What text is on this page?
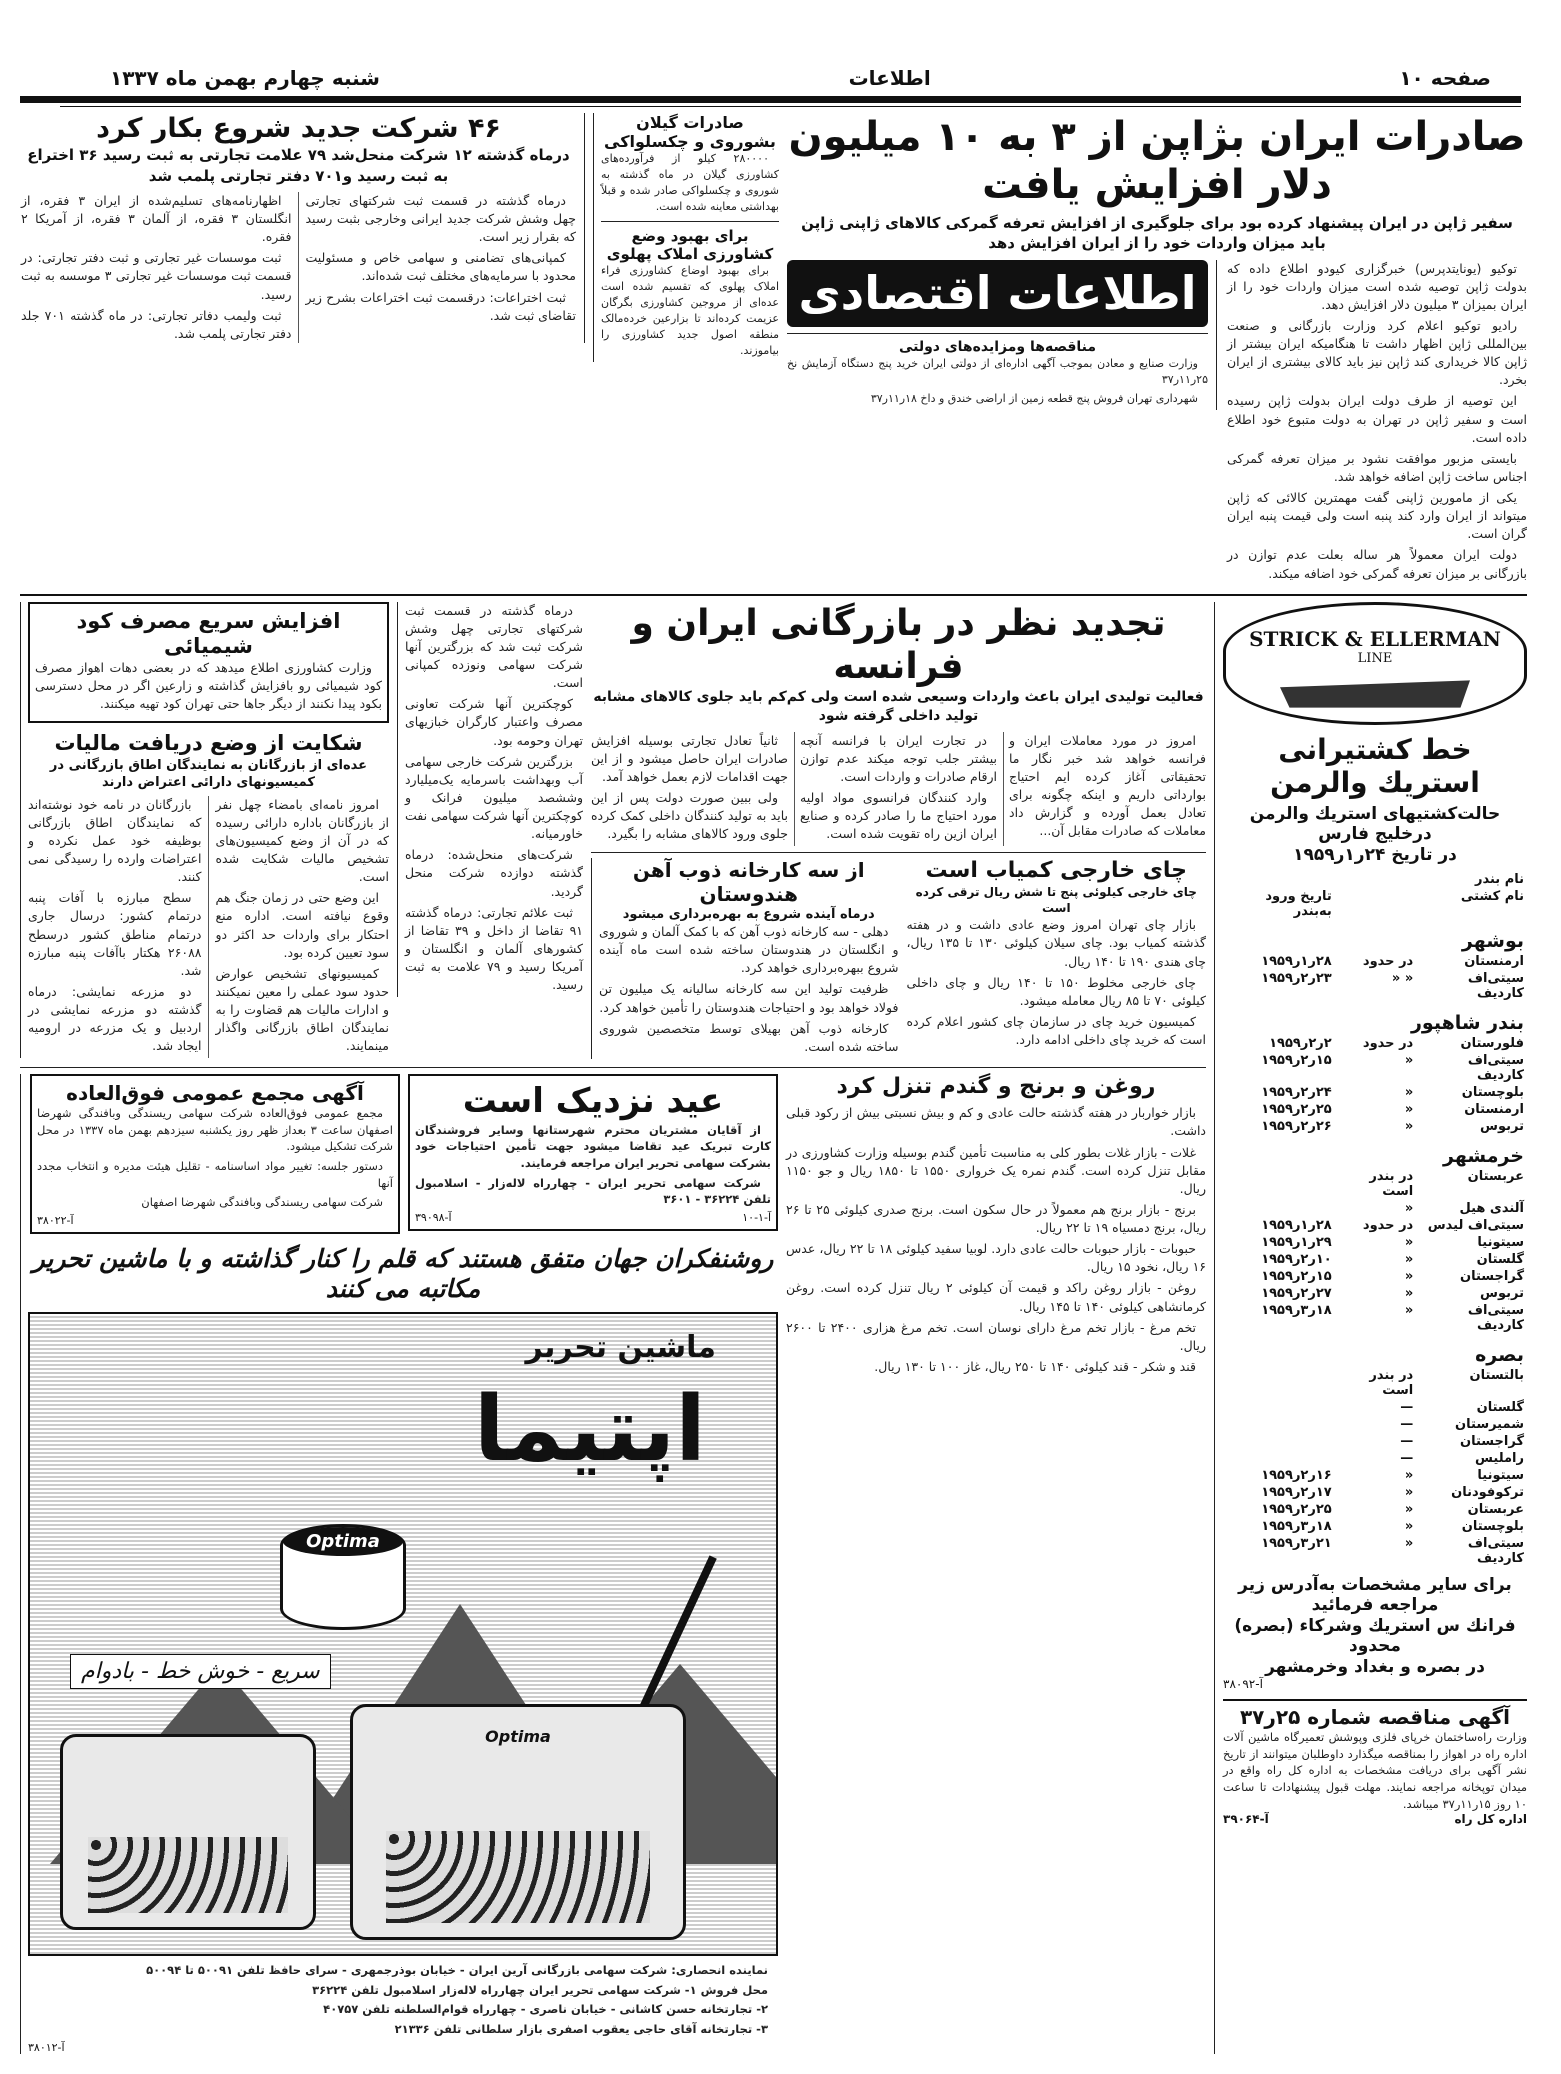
صفحه ۱۰
اطلاعات
شنبه چهارم بهمن ماه ۱۳۳۷
صادرات ایران بژاپن از ۳ به ۱۰ میلیون دلار افزایش یافت
سفیر ژاپن در ایران پیشنهاد کرده بود برای جلوگیری از افزایش تعرفه گمرکی کالاهای ژاپنی ژاپن باید میزان واردات خود را از ایران افزایش دهد

توکیو (یونایتدپرس) خبرگزاری کیودو اطلاع داده که بدولت ژاپن توصیه شده است میزان واردات خود را از ایران بمیزان ۳ میلیون دلار افزایش دهد.

رادیو توکیو اعلام کرد وزارت بازرگانی و صنعت بین‌المللی ژاپن اظهار داشت تا هنگامیکه ایران بیشتر از ژاپن کالا خریداری کند ژاپن نیز باید کالای بیشتری از ایران بخرد.

این توصیه از طرف دولت ایران بدولت ژاپن رسیده است و سفیر ژاپن در تهران به دولت متبوع خود اطلاع داده است.

بایستی مزبور موافقت نشود بر میزان تعرفه گمرکی اجناس ساخت ژاپن اضافه خواهد شد.

یکی از مامورین ژاپنی گفت مهمترین کالائی که ژاپن میتواند از ایران وارد کند پنبه است ولی قیمت پنبه ایران گران است.

دولت ایران معمولاً هر ساله بعلت عدم توازن در بازرگانی بر میزان تعرفه گمرکی خود اضافه میکند.

اطلاعات اقتصادی
مناقصه‌ها ومزایده‌های دولتی

وزارت صنایع و معادن بموجب آگهی اداره‌ای از دولتی ایران خرید پنج دستگاه آزمایش نخ ۲۵ر۱۱ر۳۷

شهرداری تهران فروش پنج قطعه زمین از اراضی خندق و داخ ۱۸ر۱۱ر۳۷

صادرات گیلان بشوروی و چکسلواکی

۲۸۰۰۰۰ کیلو از فرآورده‌های کشاورزی گیلان در ماه گذشته به شوروی و چکسلواکی صادر شده و قبلاً بهداشتی معاینه شده است.

برای بهبود وضع کشاورزی املاک پهلوی

برای بهبود اوضاع کشاورزی فراء املاک پهلوی که تقسیم شده است عده‌ای از مروجین کشاورزی بگرگان عزیمت کرده‌اند تا بزارعین خرده‌مالک منطقه اصول جدید کشاورزی را بیاموزند.

۴۶ شرکت جدید شروع بکار کرد
درماه گذشته ۱۲ شرکت منحل‌شد ۷۹ علامت تجارتی به ثبت رسید ۳۶ اختراع به ثبت رسید و۷۰۱ دفتر تجارتی پلمب شد

درماه گذشته در قسمت ثبت شرکتهای تجارتی چهل وشش شرکت جدید ایرانی وخارجی بثبت رسید که بقرار زیر است.

کمپانی‌های تضامنی و سهامی خاص و مسئولیت محدود با سرمایه‌های مختلف ثبت شده‌اند.

ثبت اختراعات: درقسمت ثبت اختراعات بشرح زیر تقاضای ثبت شد.

اظهارنامه‌های تسلیم‌شده از ایران ۳ فقره، از انگلستان ۳ فقره، از آلمان ۳ فقره، از آمریکا ۲ فقره.

ثبت موسسات غیر تجارتی و ثبت دفتر تجارتی: در قسمت ثبت موسسات غیر تجارتی ۳ موسسه به ثبت رسید.

ثبت ولیمب دفاتر تجارتی: در ماه گذشته ۷۰۱ جلد دفتر تجارتی پلمب شد.

STRICK & ELLERMAN
LINE
خط کشتیرانی استریك والرمن
حالت‌کشتیهای استریك والرمن درخلیج فارس
در تاریخ ۲۴ر۱ر۱۹۵۹
نام بندر		
نام کشتی		تاریخ ورود به‌بندر
بوشهر		
ارمنستان	در حدود	۲۸ر۱ر۱۹۵۹
سیتی‌اف کاردیف	« «	۲۳ر۲ر۱۹۵۹
بندر شاهپور		
فلورستان	در حدود	۲ر۲ر۱۹۵۹
سیتی‌اف کاردیف	«	۱۵ر۲ر۱۹۵۹
بلوچستان	«	۲۴ر۲ر۱۹۵۹
ارمنستان	«	۲۵ر۲ر۱۹۵۹
تربوس	«	۲۶ر۲ر۱۹۵۹
خرمشهر		
عربستان	در بندر است	
آلندی هیل	«	
سیتی‌اف لیدس	در حدود	۲۸ر۱ر۱۹۵۹
سیتونیا	«	۲۹ر۱ر۱۹۵۹
گلستان	«	۱۰ر۲ر۱۹۵۹
گراجستان	«	۱۵ر۲ر۱۹۵۹
تربوس	«	۲۷ر۲ر۱۹۵۹
سیتی‌اف کاردیف	«	۱۸ر۳ر۱۹۵۹
بصره		
بالتستان	در بندر است	
گلستان	—	
شمیرستان	—	
گراجستان	—	
راملیس	—	
سیتونیا	«	۱۶ر۲ر۱۹۵۹
ترکوفودنان	«	۱۷ر۲ر۱۹۵۹
عربستان	«	۲۵ر۲ر۱۹۵۹
بلوچستان	«	۱۸ر۳ر۱۹۵۹
سیتی‌اف کاردیف	«	۲۱ر۳ر۱۹۵۹
برای سایر مشخصات به‌آدرس زیر مراجعه فرمائید
فرانك س استریك وشرکاء (بصره) محدود
در بصره و بغداد وخرمشهر
آ-۳۸۰۹۲
آگهی مناقصه شماره ۲۵ر۳۷
وزارت راه‌ساختمان خرپای فلزی وپوشش تعمیرگاه ماشین آلات اداره راه در اهواز را بمناقصه میگذارد داوطلبان میتوانند از تاریخ نشر آگهی برای دریافت مشخصات به اداره کل راه واقع در میدان توپخانه مراجعه نمایند. مهلت قبول پیشنهادات تا ساعت ۱۰ روز ۱۵ر۱۱ر۳۷ میباشد.
اداره کل راه
آ-۳۹۰۶۴
تجدید نظر در بازرگانی ایران و فرانسه
فعالیت تولیدی ایران باعث واردات وسیعی شده است ولی کم‌کم باید جلوی کالاهای مشابه تولید داخلی گرفته شود

امروز در مورد معاملات ایران و فرانسه خواهد شد خبر نگار ما تحقیقاتی آغاز کرده ایم احتیاج بوارداتی داریم و اینکه چگونه برای تعادل بعمل آورده و گزارش داد معاملات که صادرات مقابل آن...

در تجارت ایران با فرانسه آنچه بیشتر جلب توجه میکند عدم توازن ارقام صادرات و واردات است.

وارد کنندگان فرانسوی مواد اولیه مورد احتیاج ما را صادر کرده و صنایع ایران ازین راه تقویت شده است.

ثانیاً تعادل تجارتی بوسیله افزایش صادرات ایران حاصل میشود و از این جهت اقدامات لازم بعمل خواهد آمد.

ولی ببین صورت دولت پس از این باید به تولید کنندگان داخلی کمک کرده جلوی ورود کالاهای مشابه را بگیرد.

چای خارجی کمیاب است
چای خارجی کیلوئی پنج تا شش ریال ترقی کرده است

بازار چای تهران امروز وضع عادی داشت و در هفته گذشته کمیاب بود. چای سیلان کیلوئی ۱۳۰ تا ۱۳۵ ریال، چای هندی ۱۹۰ تا ۱۴۰ ریال.

چای خارجی مخلوط ۱۵۰ تا ۱۴۰ ریال و چای داخلی کیلوئی ۷۰ تا ۸۵ ریال معامله میشود.

کمیسیون خرید چای در سازمان چای کشور اعلام کرده است که خرید چای داخلی ادامه دارد.

از سه کارخانه ذوب آهن هندوستان
درماه آینده شروع به بهره‌برداری میشود

دهلی - سه کارخانه ذوب آهن که با کمک آلمان و شوروی و انگلستان در هندوستان ساخته شده است ماه آینده شروع ببهره‌برداری خواهد کرد.

ظرفیت تولید این سه کارخانه سالیانه یک میلیون تن فولاد خواهد بود و احتیاجات هندوستان را تأمین خواهد کرد.

کارخانه ذوب آهن بهیلای توسط متخصصین شوروی ساخته شده است.

درماه گذشته در قسمت ثبت شرکتهای تجارتی چهل وشش شرکت ثبت شد که بزرگترین آنها شرکت سهامی ونوزده کمپانی است.

کوچکترین آنها شرکت تعاونی مصرف واعتبار کارگران خبازیهای تهران وحومه بود.

بزرگترین شرکت خارجی سهامی آب وبهداشت باسرمایه یک‌میلیارد وششصد میلیون فرانک و کوچکترین آنها شرکت سهامی نفت خاورمیانه.

شرکت‌های منحل‌شده: درماه گذشته دوازده شرکت منحل گردید.

ثبت علائم تجارتی: درماه گذشته ۹۱ تقاضا از داخل و ۳۹ تقاضا از کشورهای آلمان و انگلستان و آمریکا رسید و ۷۹ علامت به ثبت رسید.

افزایش سریع مصرف کود شیمیائی

وزارت کشاورزی اطلاع میدهد که در بعضی دهات اهواز مصرف کود شیمیائی رو بافزایش گذاشته و زارعین اگر در محل دسترسی بکود پیدا نکنند از دیگر جاها حتی تهران کود تهیه میکنند.

شکایت از وضع دریافت مالیات
عده‌ای از بازرگانان به نمایندگان اطاق بازرگانی در کمیسیونهای دارائی اعتراض دارند

امروز نامه‌ای بامضاء چهل نفر از بازرگانان باداره دارائی رسیده که در آن از وضع کمیسیون‌های تشخیص مالیات شکایت شده است.

این وضع حتی در زمان جنگ هم وقوع نیافته است. اداره منع احتکار برای واردات حد اکثر دو سود تعیین کرده بود.

کمیسیونهای تشخیص عوارض حدود سود عملی را معین نمیکنند و ادارات مالیات هم قضاوت را به نمایندگان اطاق بازرگانی واگذار مینمایند.

بازرگانان در نامه خود نوشته‌اند که نمایندگان اطاق بازرگانی بوظیفه خود عمل نکرده و اعتراضات وارده را رسیدگی نمی کنند.

سطح مبارزه با آفات پنبه درتمام کشور: درسال جاری درتمام مناطق کشور درسطح ۲۶۰۸۸ هکتار باآفات پنبه مبارزه شد.

دو مزرعه نمایشی: درماه گذشته دو مزرعه نمایشی در اردبیل و یک مزرعه در ارومیه ایجاد شد.

روغن و برنج و گندم تنزل کرد

بازار خواربار در هفته گذشته حالت عادی و کم و بیش نسبتی بیش از رکود قبلی داشت.

غلات - بازار غلات بطور کلی به مناسبت تأمین گندم بوسیله وزارت کشاورزی در مقابل تنزل کرده است. گندم نمره یک خرواری ۱۵۵۰ تا ۱۸۵۰ ریال و جو ۱۱۵۰ ریال.

برنج - بازار برنج هم معمولاً در حال سکون است. برنج صدری کیلوئی ۲۵ تا ۲۶ ریال، برنج دمسیاه ۱۹ تا ۲۲ ریال.

حبوبات - بازار حبوبات حالت عادی دارد. لوبیا سفید کیلوئی ۱۸ تا ۲۲ ریال، عدس ۱۶ ریال، نخود ۱۵ ریال.

روغن - بازار روغن راکد و قیمت آن کیلوئی ۲ ریال تنزل کرده است. روغن کرمانشاهی کیلوئی ۱۴۰ تا ۱۴۵ ریال.

تخم مرغ - بازار تخم مرغ دارای نوسان است. تخم مرغ هزاری ۲۴۰۰ تا ۲۶۰۰ ریال.

قند و شکر - قند کیلوئی ۱۴۰ تا ۲۵۰ ریال، غاز ۱۰۰ تا ۱۳۰ ریال.

عید نزدیک است

از آقایان مشتریان محترم شهرستانها وسایر فروشندگان کارت تبریک عید تقاضا میشود جهت تأمین احتیاجات خود بشرکت سهامی تحریر ایران مراجعه فرمایند.

شرکت سهامی تحریر ایران - چهارراه لاله‌زار - اسلامبول تلفن ۳۶۲۲۴ - ۳۶۰۱

آ-۱-۱۰
آ-۳۹۰۹۸
آگهی مجمع عمومی فوق‌العاده

مجمع عمومی فوق‌العاده شرکت سهامی ریسندگی وبافندگی شهرضا اصفهان ساعت ۳ بعداز ظهر روز یکشنبه سیزدهم بهمن ماه ۱۳۳۷ در محل شرکت تشکیل میشود.

دستور جلسه: تغییر مواد اساسنامه - تقلیل هیئت مدیره و انتخاب مجدد آنها

شرکت سهامی ریسندگی وبافندگی شهرضا اصفهان

آ-۳۸۰۲۲
روشنفکران جهان متفق هستند که قلم را کنار گذاشته و با ماشین تحریر مکاتبه می کنند
ماشین تحریر
اپتیما
Optima
سریع - خوش خط - بادوام
Optima

نماینده انحصاری: شرکت سهامی بازرگانی آرین ایران - خیابان بوذرجمهری - سرای حافظ تلفن ۵۰۰۹۱ تا ۵۰۰۹۴

محل فروش ۱- شرکت سهامی تحریر ایران چهارراه لاله‌زار اسلامبول تلفن ۳۶۲۲۴

۲- تجارتخانه حسن کاشانی - خیابان ناصری - چهارراه قوام‌السلطنه تلفن ۴۰۷۵۷

۳- تجارتخانه آقای حاجی یعقوب اصفری بازار سلطانی تلفن ۲۱۳۳۶

آ-۳۸۰۱۲
